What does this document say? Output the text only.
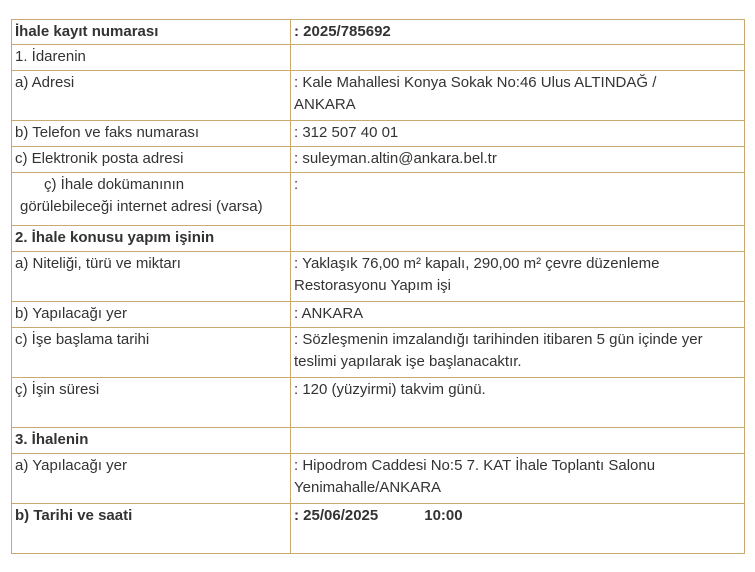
İhale kayıt numarası	: 2025/785692
1. İdarenin	
a) Adresi	: Kale Mahallesi Konya Sokak No:46 Ulus ALTINDAĞ /
ANKARA

b) Telefon ve faks numarası	: 312 507 40 01
c) Elektronik posta adresi	: suleyman.altin@ankara.bel.tr

ç) İhale dokümanının
görülebileceği internet adresi (varsa)	:
2. İhale konusu yapım işinin	
a) Niteliği, türü ve miktarı	: Yaklaşık 76,00 m² kapalı, 290,00 m² çevre düzenleme
Restorasyonu Yapım işi

b) Yapılacağı yer	: ANKARA
c) İşe başlama tarihi	: Sözleşmenin imzalandığı tarihinden itibaren 5 gün içinde yer
teslimi yapılarak işe başlanacaktır.

ç) İşin süresi	: 120 (yüzyirmi) takvim günü.
3. İhalenin	
a) Yapılacağı yer	: Hipodrom Caddesi No:5 7. KAT İhale Toplantı Salonu
Yenimahalle/ANKARA

b) Tarihi ve saati	: 25/06/2025 10:00
